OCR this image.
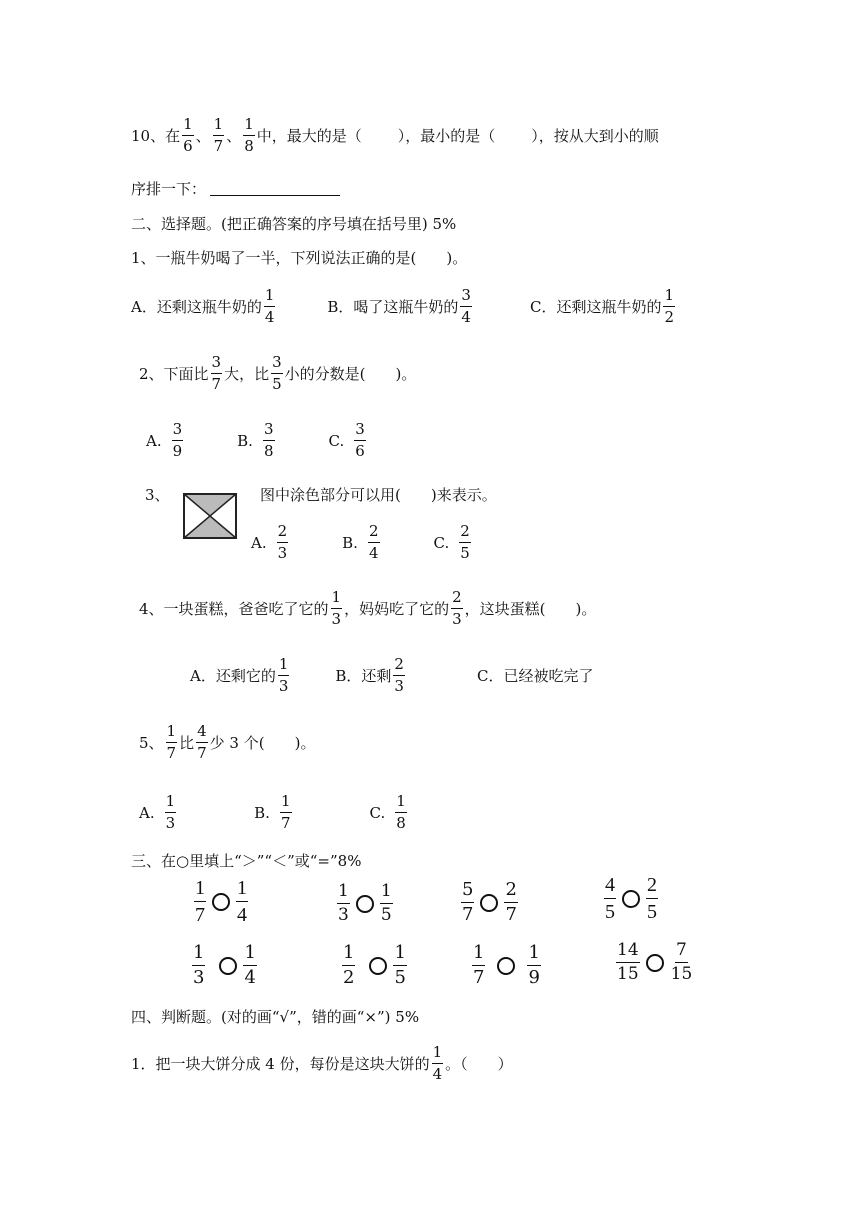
10、在 $\frac{1}{6}$ 、 $\frac{1}{7}$ 、 $\frac{1}{8}$ 中，最大的是（ ），最小的是（ ），按从大到小的顺
序排一下：
二、选择题。(把正确答案的序号填在括号里) 5%
1、一瓶牛奶喝了一半，下列说法正确的是(　　)。
A．还剩这瓶牛奶的 $\frac{1}{4}$	B．喝了这瓶牛奶的 $\frac{3}{4}$	C．还剩这瓶牛奶的 $\frac{1}{2}$
2、下面比 $\frac{3}{7}$ 大，比 $\frac{3}{5}$ 小的分数是(　　)。
A. $\frac{3}{9}$	B. $\frac{3}{8}$	C. $\frac{3}{6}$
3、	图中涂色部分可以用(　　)来表示。
A. $\frac{2}{3}$	B. $\frac{2}{4}$	C. $\frac{2}{5}$
4、一块蛋糕，爸爸吃了它的 $\frac{1}{3}$ ，妈妈吃了它的 $\frac{2}{3}$ ，这块蛋糕(　　)。
A．还剩它的 $\frac{1}{3}$	B．还剩 $\frac{2}{3}$	C．已经被吃完了
5、 $\frac{1}{7}$ 比 $\frac{4}{7}$ 少 3 个(　　)。
A. $\frac{1}{3}$	B. $\frac{1}{7}$	C. $\frac{1}{8}$
三、在○里填上“＞”“＜”或“=”8%
$\frac{1}{7} \frac{1}{4}$	$\frac{1}{3} \frac{1}{5}$	$\frac{5}{7} \frac{2}{7}$	$\frac{4}{5} \frac{2}{5}$
$\frac{1}{3} \frac{1}{4}$	$\frac{1}{2} \frac{1}{5}$	$\frac{1}{7} \frac{1}{9}$	$\frac{14}{15} \frac{7}{15}$
四、判断题。(对的画“√”，错的画“×”) 5%
1．把一块大饼分成 4 份，每份是这块大饼的 $\frac{1}{4}$ 。（　　）
